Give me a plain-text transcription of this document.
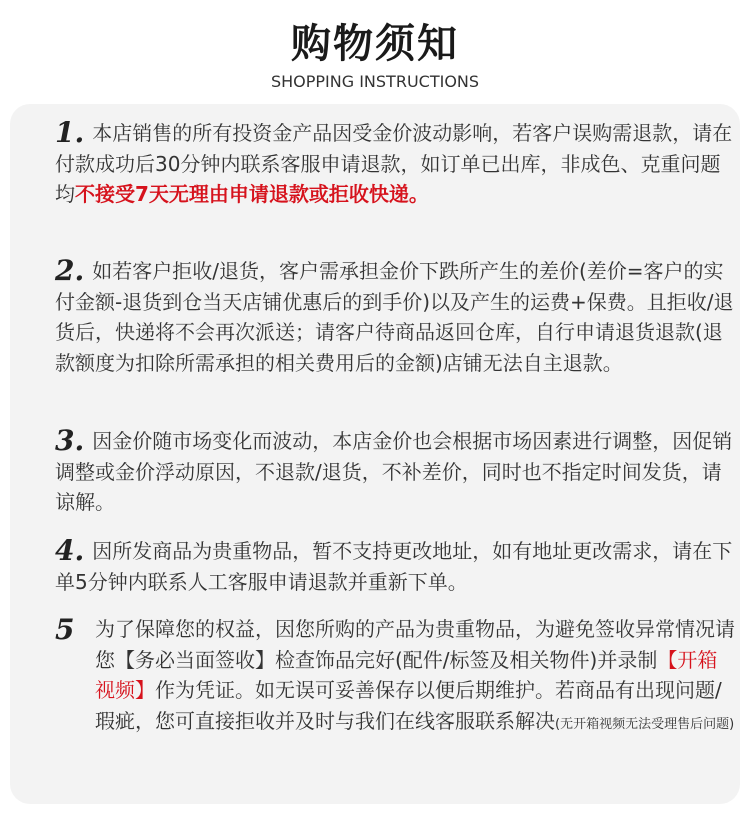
购物须知
SHOPPING INSTRUCTIONS
1. 本店销售的所有投资金产品因受金价波动影响，若客户误购需退款，请在付款成功后30分钟内联系客服申请退款，如订单已出库，非成色、克重问题均不接受7天无理由申请退款或拒收快递。
2. 如若客户拒收/退货，客户需承担金价下跌所产生的差价(差价=客户的实付金额-退货到仓当天店铺优惠后的到手价)以及产生的运费+保费。且拒收/退货后，快递将不会再次派送；请客户待商品返回仓库，自行申请退货退款(退款额度为扣除所需承担的相关费用后的金额)店铺无法自主退款。
3. 因金价随市场变化而波动，本店金价也会根据市场因素进行调整，因促销调整或金价浮动原因，不退款/退货，不补差价，同时也不指定时间发货，请谅解。
4. 因所发商品为贵重物品，暂不支持更改地址，如有地址更改需求，请在下单5分钟内联系人工客服申请退款并重新下单。
5 为了保障您的权益，因您所购的产品为贵重物品，为避免签收异常情况请您【务必当面签收】检查饰品完好(配件/标签及相关物件)并录制【开箱视频】作为凭证。如无误可妥善保存以便后期维护。若商品有出现问题/瑕疵，您可直接拒收并及时与我们在线客服联系解决(无开箱视频无法受理售后问题)
